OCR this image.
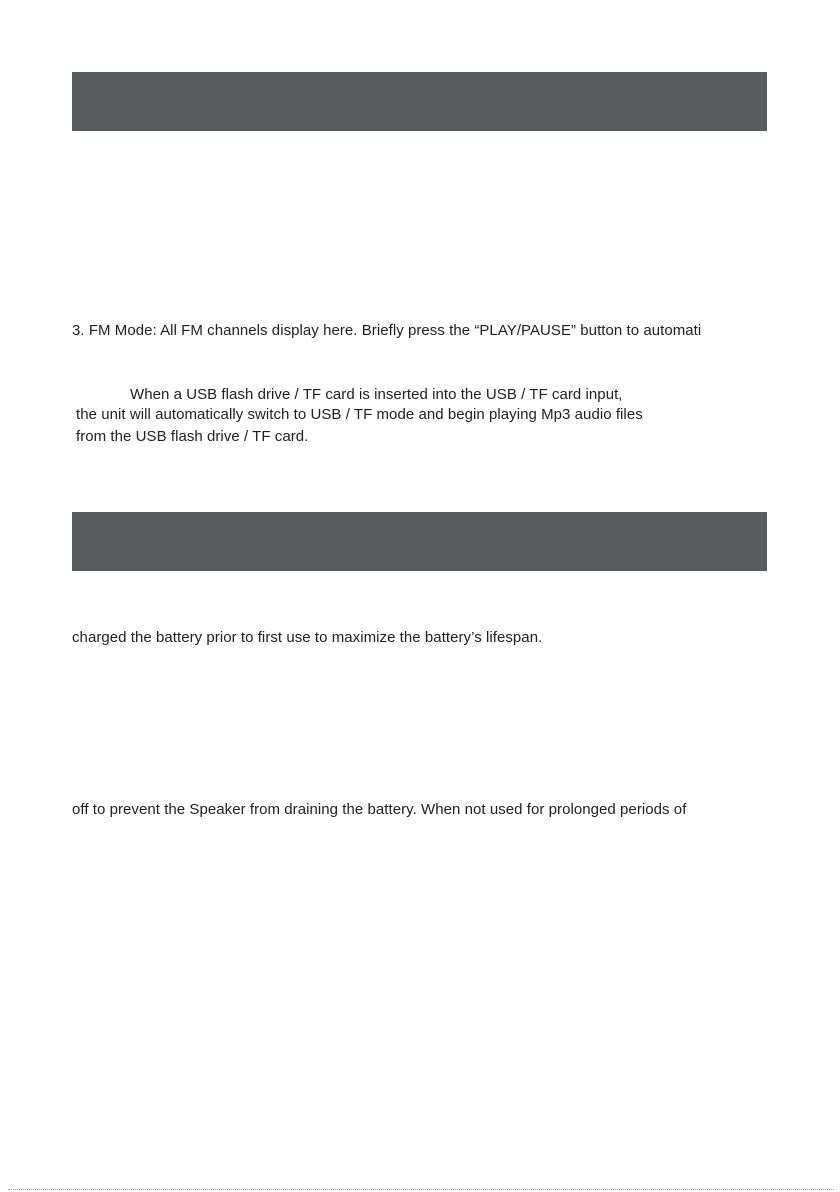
3. FM Mode: All FM channels display here. Briefly press the “PLAY/PAUSE” button to automati
When a USB flash drive / TF card is inserted into the USB / TF card input,
the unit will automatically switch to USB / TF mode and begin playing Mp3 audio files
from the USB flash drive / TF card.
charged the battery prior to first use to maximize the battery’s lifespan.
off to prevent the Speaker from draining the battery. When not used for prolonged periods of
